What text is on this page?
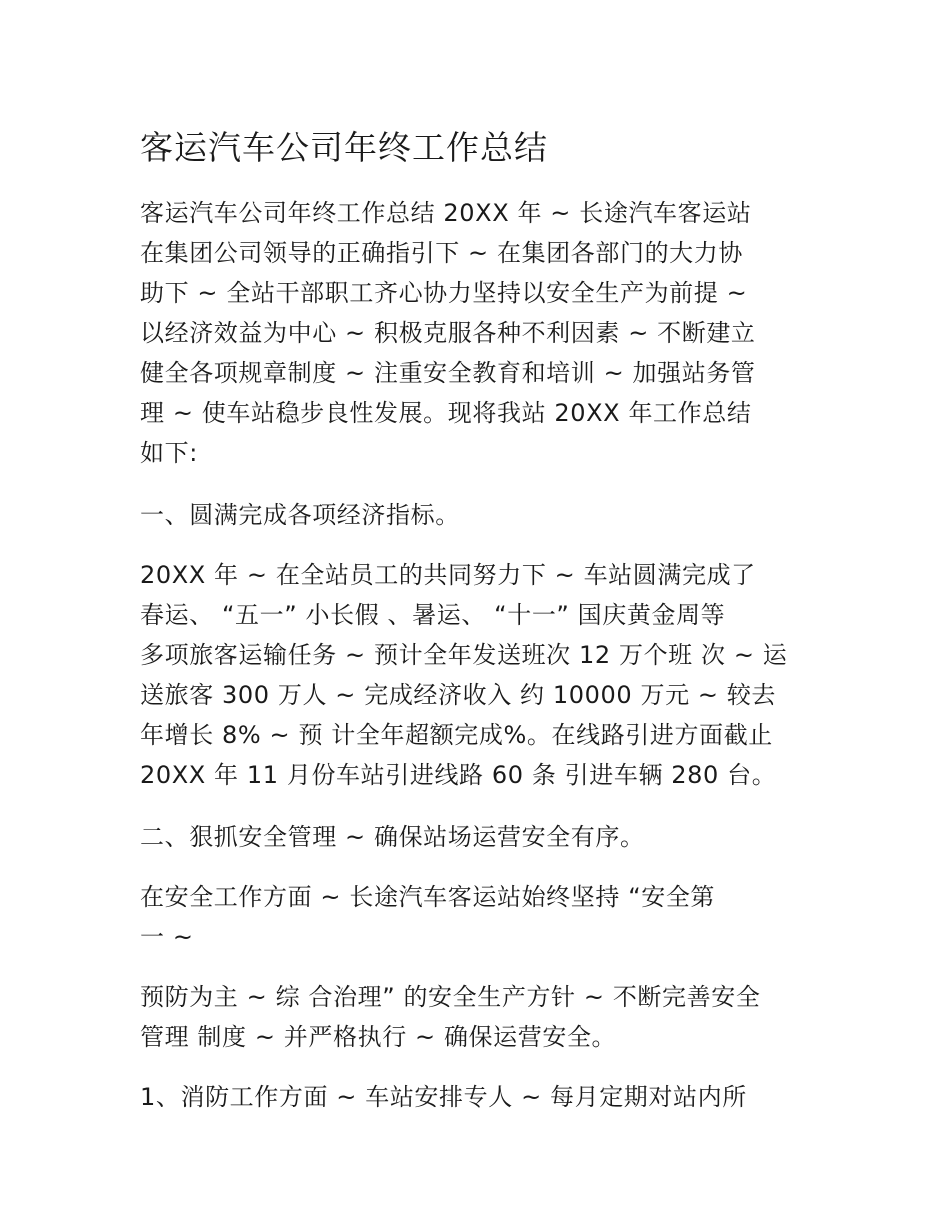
客运汽车公司年终工作总结
客运汽车公司年终工作总结 20XX 年 ~ 长途汽车客运站
在集团公司领导的正确指引下 ~ 在集团各部门的大力协
助下 ~ 全站干部职工齐心协力坚持以安全生产为前提 ~
以经济效益为中心 ~ 积极克服各种不利因素 ~ 不断建立
健全各项规章制度 ~ 注重安全教育和培训 ~ 加强站务管
理 ~ 使车站稳步良性发展。现将我站 20XX 年工作总结
如下:
一、圆满完成各项经济指标。
20XX 年 ~ 在全站员工的共同努力下 ~ 车站圆满完成了
春运、 “五一” 小长假 、暑运、 “十一” 国庆黄金周等
多项旅客运输任务 ~ 预计全年发送班次 12 万个班 次 ~ 运
送旅客 300 万人 ~ 完成经济收入 约 10000 万元 ~ 较去
年增长 8% ~ 预 计全年超额完成%。在线路引进方面截止
20XX 年 11 月份车站引进线路 60 条 引进车辆 280 台。
二、狠抓安全管理 ~ 确保站场运营安全有序。
在安全工作方面 ~ 长途汽车客运站始终坚持 “安全第
一 ~
预防为主 ~ 综 合治理” 的安全生产方针 ~ 不断完善安全
管理 制度 ~ 并严格执行 ~ 确保运营安全。
1、消防工作方面 ~ 车站安排专人 ~ 每月定期对站内所
